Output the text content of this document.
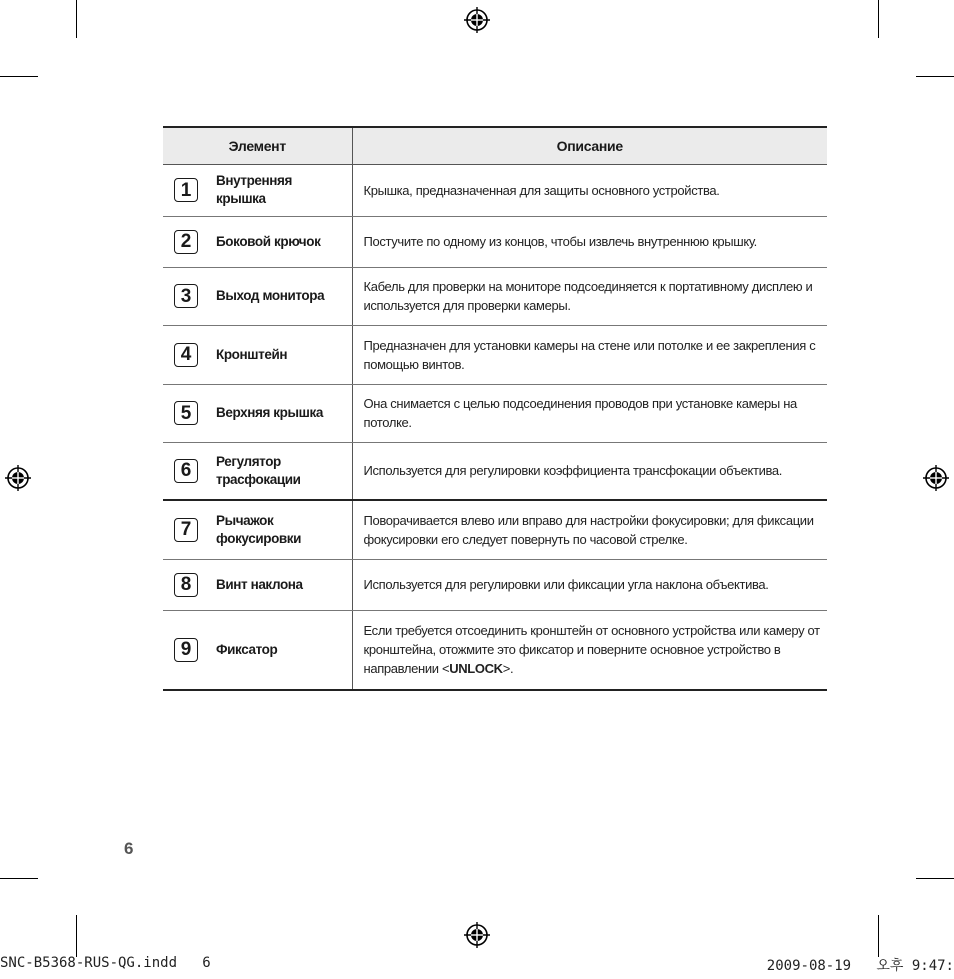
Элемент	Описание

1 Внутренняя крышка	Крышка, предназначенная для защиты основного устройства.

2 Боковой крючок	Постучите по одному из концов, чтобы извлечь внутреннюю крышку.

3 Выход монитора	Кабель для проверки на мониторе подсоединяется к портативному дисплею и используется для проверки камеры.

4 Кронштейн	Предназначен для установки камеры на стене или потолке и ее закрепления с помощью винтов.

5 Верхняя крышка	Она снимается с целью подсоединения проводов при установке камеры на потолке.

6 Регулятор трасфокации	Используется для регулировки коэффициента трансфокации объектива.

7 Рычажок фокусировки	Поворачивается влево или вправо для настройки фокусировки; для фиксации фокусировки его следует повернуть по часовой стрелке.

8 Винт наклона	Используется для регулировки или фиксации угла наклона объектива.

9 Фиксатор	Если требуется отсоединить кронштейн от основного устройства или камеру от кронштейна, отожмите это фиксатор и поверните основное устройство в направлении <UNLOCK>.
6
SNC-B5368-RUS-QG.indd   6	2009-08-19   오후 9:47:
